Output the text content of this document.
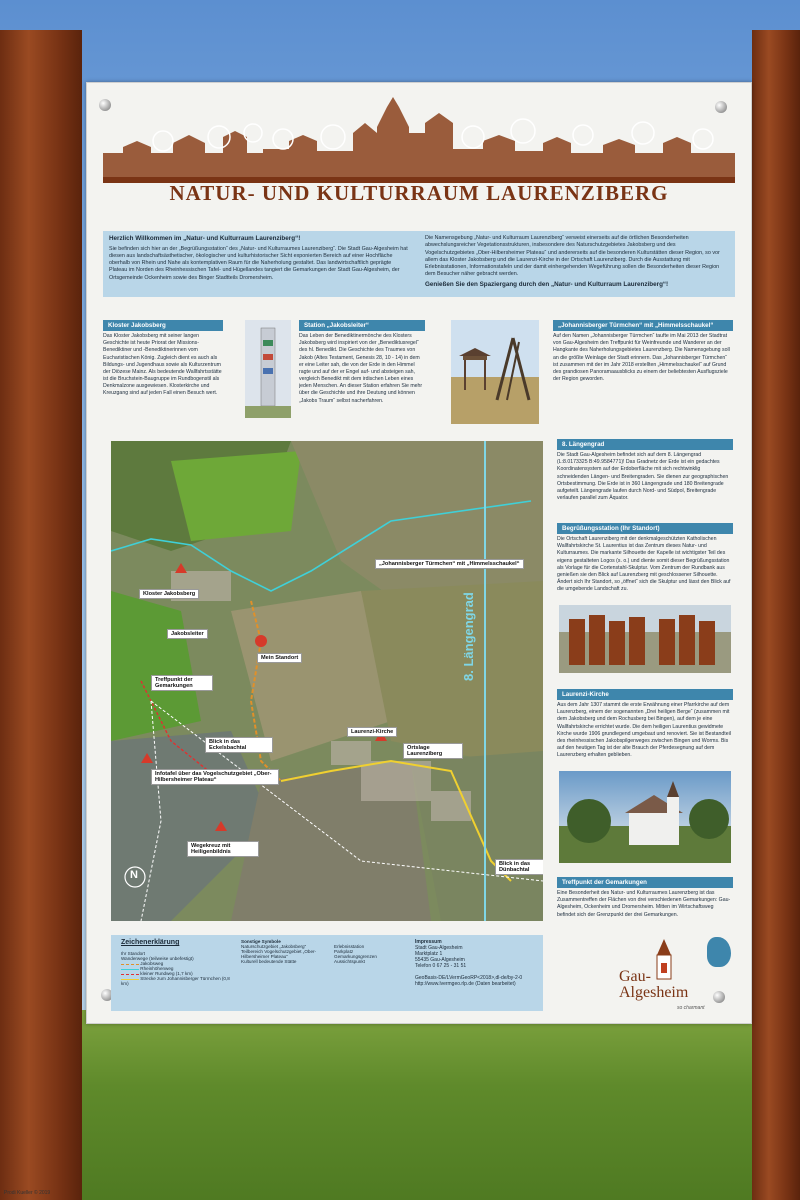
NATUR- UND KULTURRAUM LAURENZIBERG
Herzlich Willkommen im „Natur- und Kulturraum Laurenziberg“!
Sie befinden sich hier an der „Begrüßungsstation“ des „Natur- und Kulturraumes Laurenziberg“. Die Stadt Gau-Algesheim hat diesen aus landschaftsästhetischer, ökologischer und kulturhistorischer Sicht exponierten Bereich auf einer Hochfläche oberhalb von Rhein und Nahe als kontemplativen Raum für die Naherholung gestaltet. Das landwirtschaftlich geprägte Plateau im Norden des Rheinhessischen Tafel- und Hügellandes tangiert die Gemarkungen der Stadt Gau-Algesheim, der Ortsgemeinde Ockenheim sowie des Binger Stadtteils Dromersheim.
Die Namensgebung „Natur- und Kulturraum Laurenziberg“ verweist einerseits auf die örtlichen Besonderheiten abwechslungsreicher Vegetationsstrukturen, insbesondere des Naturschutzgebietes Jakobsberg und des Vogelschutzgebietes „Ober-Hilbersheimer Plateau“ und andererseits auf die besonderen Kulturstätten dieser Region, so vor allem das Kloster Jakobsberg und die Laurenzi-Kirche in der Ortschaft Laurenziberg. Durch die Ausstattung mit Erlebnisstationen, Informationstafeln und der damit einhergehenden Wegeführung sollen die Besonderheiten dieser Region dem Besucher näher gebracht werden.
Genießen Sie den Spaziergang durch den „Natur- und Kulturraum Laurenziberg“!
Kloster Jakobsberg
Das Kloster Jakobsberg mit seiner langen Geschichte ist heute Priorat der Missions-Benediktiner und -Benediktinerinnen vom Eucharistischen König. Zugleich dient es auch als Bildungs- und Jugendhaus sowie als Kulturzentrum der Diözese Mainz. Als bedeutende Wallfahrtsstätte ist die Bruchstein-Baugruppe im Rundbogenstil als Denkmalzone ausgewiesen. Klosterkirche und Kreuzgang sind auf jeden Fall einen Besuch wert.
Station „Jakobsleiter“
Das Leben der Benediktinermönche des Klosters Jakobsberg wird inspiriert von der „Benediktusregel“ des hl. Benedikt. Die Geschichte des Traumes von Jakob (Altes Testament, Genesis 28, 10 - 14) in dem er eine Leiter sah, die von der Erde in den Himmel ragte und auf der er Engel auf- und absteigen sah, vergleich Benedikt mit dem irdischen Leben eines jeden Menschen. An dieser Station erfahren Sie mehr über die Geschichte und ihre Deutung und können „Jakobs Traum“ selbst nacherfahren.
„Johannisberger Türmchen“ mit „Himmelsschaukel“
Auf den Namen „Johannisberger Türmchen“ taufte im Mai 2013 der Stadtrat von Gau-Algesheim den Treffpunkt für Weinfreunde und Wanderer an der Hangkante des Naherholungsgebietes Laurenzberg. Die Namensgebung soll an die größte Weinlage der Stadt erinnern. Das „Johannisberger Türmchen“ ist zusammen mit der im Jahr 2018 erstellten „Himmelsschaukel“ auf Grund des grandiosen Panoramaausblicks zu einem der beliebtesten Ausflugsziele der Region geworden.
„Johannisberger Türmchen“ mit „Himmelsschaukel“
Kloster Jakobsberg
Jakobsleiter
Mein Standort
Treffpunkt der Gemarkungen
Blick in das Eckelsbachtal
Infotafel über das Vogelschutzgebiet „Ober-Hilbersheimer Plateau“
Laurenzi-Kirche
Ortslage Laurenziberg
Wegekreuz mit Heiligenbildnis
Blick in das Dünbachtal
8. Längengrad
N
8. Längengrad
Die Stadt Gau-Algesheim befindet sich auf dem 8. Längengrad (L:8.0173325 B:49.9584771)! Das Gradnetz der Erde ist ein gedachtes Koordinatensystem auf der Erdoberfläche mit sich rechtwinklig schneidenden Längen- und Breitengraden. Sie dienen zur geographischen Ortsbestimmung. Die Erde ist in 360 Längengrade und 180 Breitengrade aufgeteilt. Längengrade laufen durch Nord- und Südpol, Breitengrade verlaufen parallel zum Äquator.
Begrüßungsstation (Ihr Standort)
Die Ortschaft Laurenziberg mit der denkmalgeschützten Katholischen Wallfahrtskirche St. Laurentius ist das Zentrum dieses Natur- und Kulturraumes. Die markante Silhouette der Kapelle ist wichtigster Teil des eigens gestalteten Logos (s. o.) und diente somit dieser Begrüßungsstation als Vorlage für die Cortenstahl-Skulptur. Vom Zentrum der Rundbank aus genießen sie den Blick auf Laurenzberg mit geschlossener Silhouette. Ändert sich Ihr Standort, so „öffnet“ sich die Skulptur und lässt den Blick auf die umgebende Landschaft zu.
Laurenzi-Kirche
Aus dem Jahr 1307 stammt die erste Erwähnung einer Pfarrkirche auf dem Laurenzberg, einem der sogenannten „Drei heiligen Berge“ (zusammen mit dem Jakobsberg und dem Rochusberg bei Bingen), auf dem je eine Wallfahrtskirche errichtet wurde. Die dem heiligen Laurentius gewidmete Kirche wurde 1906 grundlegend umgebaut und renoviert. Sie ist Bestandteil des rheinhessischen Jakobspilgerweges zwischen Bingen und Worms. Bis auf den heutigen Tag ist der alte Brauch der Pferdesegnung auf dem Laurenzberg erhalten geblieben.
Treffpunkt der Gemarkungen
Eine Besonderheit des Natur- und Kulturraumes Laurenzberg ist das Zusammentreffen der Flächen von drei verschiedenen Gemarkungen: Gau-Algesheim, Ockenheim und Dromersheim. Mitten im Wirtschaftsweg befindet sich der Grenzpunkt der drei Gemarkungen.
Zeichenerklärung
Ihr Standort
Wanderwege (teilweise unbefestigt)
Jakobsweg
Rheinhöhenweg
kleiner Rundweg (1,7 km)
Strecke zum Johannisberger Türmchen (0,8 km)
Sonstige Symbole
Naturschutzgebiet „Jakobsberg“
Teilbereich Vogelschutzgebiet „Ober-Hilbersheimer Plateau“
Kulturell bedeutende Stätte
Erlebnisstation
Parkplatz
Gemarkungsgrenzen
Aussichtspunkt
Impressum
Stadt Gau-Algesheim
Marktplatz 1
55435 Gau-Algesheim
Telefon 0 67 25 - 31 51
GeoBasis-DE/LVermGeoRP<2018>,dl-de/by-2-0
http://www.lvermgeo.rlp.de (Daten bearbeitet)	Gau-
Algesheim
so charmant
Prodi Kueller © 2019
